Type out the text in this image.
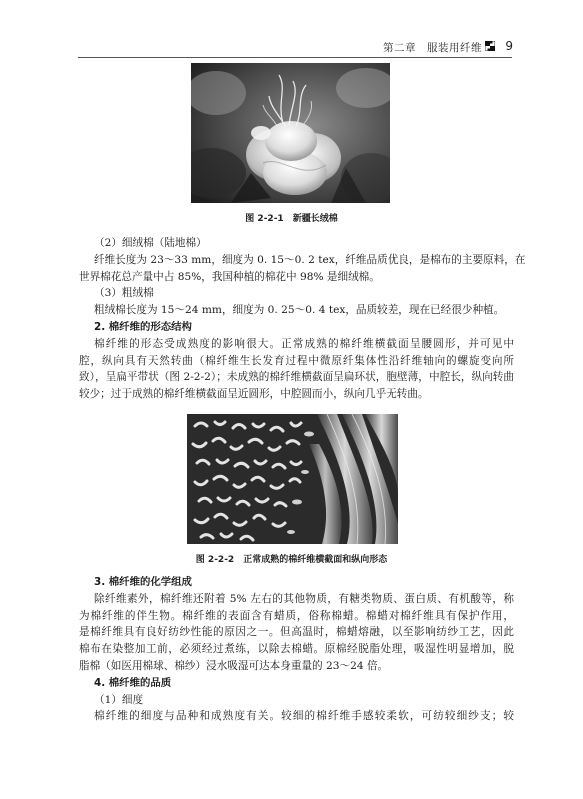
第二章　 服装用纤维 9
图 2-2-1　新疆长绒棉
（2）细绒棉（陆地棉）
纤维长度为 23～33 mm，细度为 0. 15～0. 2 tex，纤维品质优良，是棉布的主要原料，在
世界棉花总产量中占 85%，我国种植的棉花中 98% 是细绒棉。
（3）粗绒棉
粗绒棉长度为 15～24 mm，细度为 0. 25～0. 4 tex，品质较差，现在已经很少种植。
2. 棉纤维的形态结构
棉纤维的形态受成熟度的影响很大。正常成熟的棉纤维横截面呈腰圆形，并可见中
腔，纵向具有天然转曲（棉纤维生长发育过程中微原纤集体性沿纤维轴向的螺旋变向所
致），呈扁平带状（图 2-2-2）；未成熟的棉纤维横截面呈扁环状，胞壁薄，中腔长，纵向转曲
较少；过于成熟的棉纤维横截面呈近圆形，中腔圆而小，纵向几乎无转曲。
图 2-2-2　正常成熟的棉纤维横截面和纵向形态
3. 棉纤维的化学组成
除纤维素外，棉纤维还附着 5% 左右的其他物质，有糖类物质、蛋白质、有机酸等，称
为棉纤维的伴生物。棉纤维的表面含有蜡质，俗称棉蜡。棉蜡对棉纤维具有保护作用，
是棉纤维具有良好纺纱性能的原因之一。但高温时，棉蜡熔融，以至影响纺纱工艺，因此
棉布在染整加工前，必须经过煮练，以除去棉蜡。原棉经脱脂处理，吸湿性明显增加，脱
脂棉（如医用棉球、棉纱）浸水吸湿可达本身重量的 23～24 倍。
4. 棉纤维的品质
（1）细度
棉纤维的细度与品种和成熟度有关。较细的棉纤维手感较柔软，可纺较细纱支；较
